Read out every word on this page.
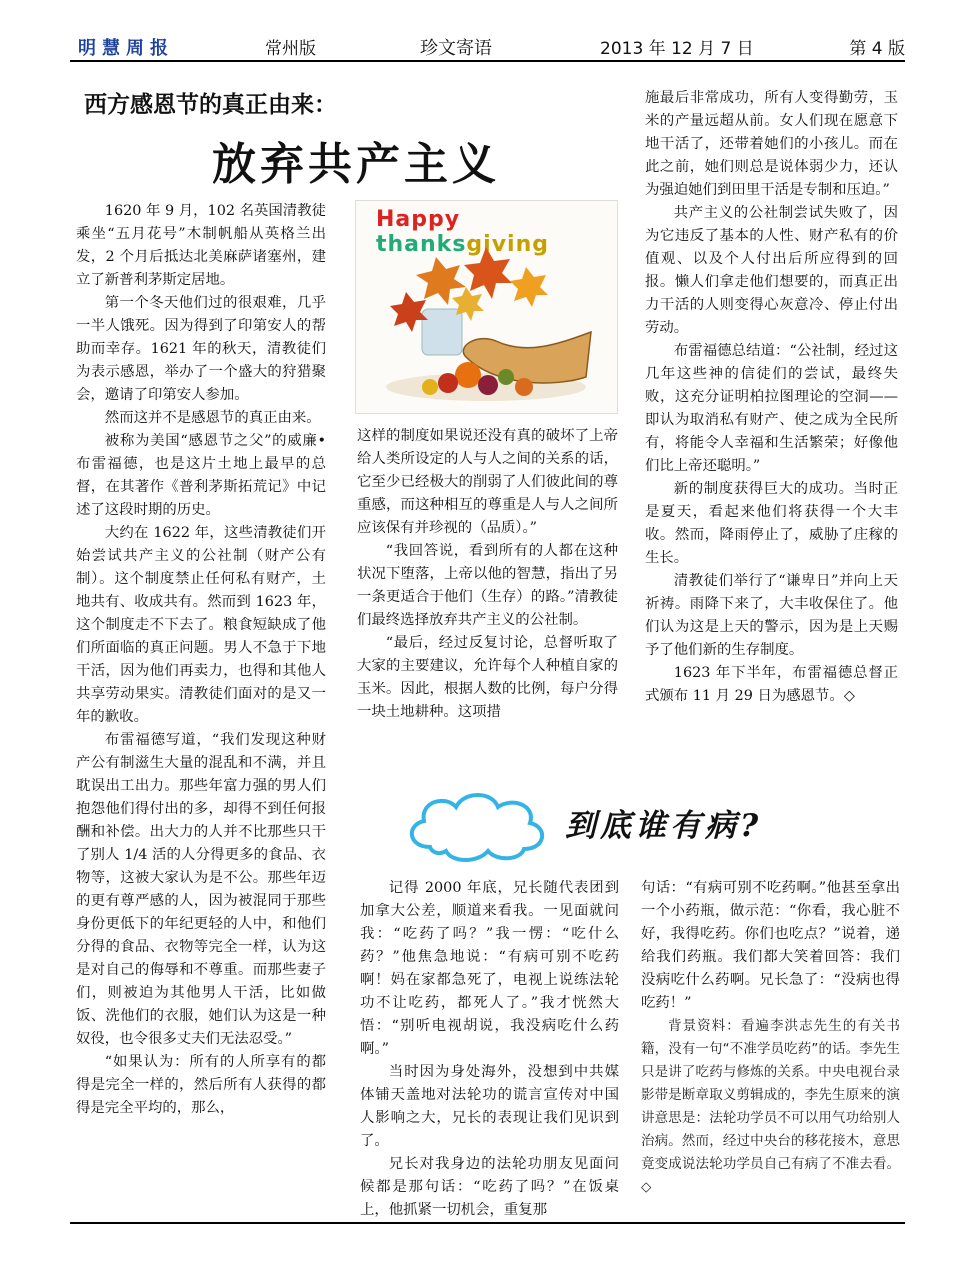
明慧周报	常州版	珍文寄语	2013 年 12 月 7 日	第 4 版
西方感恩节的真正由来：
放弃共产主义

1620 年 9 月，102 名英国清教徒乘坐“五月花号”木制帆船从英格兰出发，2 个月后抵达北美麻萨诸塞州，建立了新普利茅斯定居地。

第一个冬天他们过的很艰难，几乎一半人饿死。因为得到了印第安人的帮助而幸存。1621 年的秋天，清教徒们为表示感恩，举办了一个盛大的狩猎聚会，邀请了印第安人参加。

然而这并不是感恩节的真正由来。

被称为美国“感恩节之父”的威廉•布雷福德，也是这片土地上最早的总督，在其著作《普利茅斯拓荒记》中记述了这段时期的历史。

大约在 1622 年，这些清教徒们开始尝试共产主义的公社制（财产公有制）。这个制度禁止任何私有财产，土地共有、收成共有。然而到 1623 年，这个制度走不下去了。粮食短缺成了他们所面临的真正问题。男人不急于下地干活，因为他们再卖力，也得和其他人共享劳动果实。清教徒们面对的是又一年的歉收。

布雷福德写道，“我们发现这种财产公有制滋生大量的混乱和不满，并且耽误出工出力。那些年富力强的男人们抱怨他们得付出的多，却得不到任何报酬和补偿。出大力的人并不比那些只干了别人 1/4 活的人分得更多的食品、衣物等，这被大家认为是不公。那些年迈的更有尊严感的人，因为被混同于那些身份更低下的年纪更轻的人中，和他们分得的食品、衣物等完全一样，认为这是对自己的侮辱和不尊重。而那些妻子们，则被迫为其他男人干活，比如做饭、洗他们的衣服，她们认为这是一种奴役，也令很多丈夫们无法忍受。”

“如果认为：所有的人所享有的都得是完全一样的，然后所有人获得的都得是完全平均的，那么，

Happy thanksgiving

这样的制度如果说还没有真的破坏了上帝给人类所设定的人与人之间的关系的话，它至少已经极大的削弱了人们彼此间的尊重感，而这种相互的尊重是人与人之间所应该保有并珍视的（品质）。”

“我回答说，看到所有的人都在这种状况下堕落，上帝以他的智慧，指出了另一条更适合于他们（生存）的路。”清教徒们最终选择放弃共产主义的公社制。

“最后，经过反复讨论，总督听取了大家的主要建议，允许每个人种植自家的玉米。因此，根据人数的比例，每户分得一块土地耕种。这项措

施最后非常成功，所有人变得勤劳，玉米的产量远超从前。女人们现在愿意下地干活了，还带着她们的小孩儿。而在此之前，她们则总是说体弱少力，还认为强迫她们到田里干活是专制和压迫。”

共产主义的公社制尝试失败了，因为它违反了基本的人性、财产私有的价值观、以及个人付出后所应得到的回报。懒人们拿走他们想要的，而真正出力干活的人则变得心灰意冷、停止付出劳动。

布雷福德总结道：“公社制，经过这几年这些神的信徒们的尝试，最终失败，这充分证明柏拉图理论的空洞——即认为取消私有财产、使之成为全民所有，将能令人幸福和生活繁荣；好像他们比上帝还聪明。”

新的制度获得巨大的成功。当时正是夏天，看起来他们将获得一个大丰收。然而，降雨停止了，威胁了庄稼的生长。

清教徒们举行了“谦卑日”并向上天祈祷。雨降下来了，大丰收保住了。他们认为这是上天的警示，因为是上天赐予了他们新的生存制度。

1623 年下半年，布雷福德总督正式颁布 11 月 29 日为感恩节。◇

到底谁有病?

记得 2000 年底，兄长随代表团到加拿大公差，顺道来看我。一见面就问我：“吃药了吗？”我一愣：“吃什么药？”他焦急地说：“有病可别不吃药啊！妈在家都急死了，电视上说练法轮功不让吃药，都死人了。”我才恍然大悟：“别听电视胡说，我没病吃什么药啊。”

当时因为身处海外，没想到中共媒体铺天盖地对法轮功的谎言宣传对中国人影响之大，兄长的表现让我们见识到了。

兄长对我身边的法轮功朋友见面问候都是那句话：“吃药了吗？”在饭桌上，他抓紧一切机会，重复那

句话：“有病可别不吃药啊。”他甚至拿出一个小药瓶，做示范：“你看，我心脏不好，我得吃药。你们也吃点？”说着，递给我们药瓶。我们都大笑着回答：我们没病吃什么药啊。兄长急了：“没病也得吃药！”

背景资料：看遍李洪志先生的有关书籍，没有一句“不准学员吃药”的话。李先生只是讲了吃药与修炼的关系。中央电视台录影带是断章取义剪辑成的，李先生原来的演讲意思是：法轮功学员不可以用气功给别人治病。然而，经过中央台的移花接木，意思竟变成说法轮功学员自己有病了不准去看。◇
